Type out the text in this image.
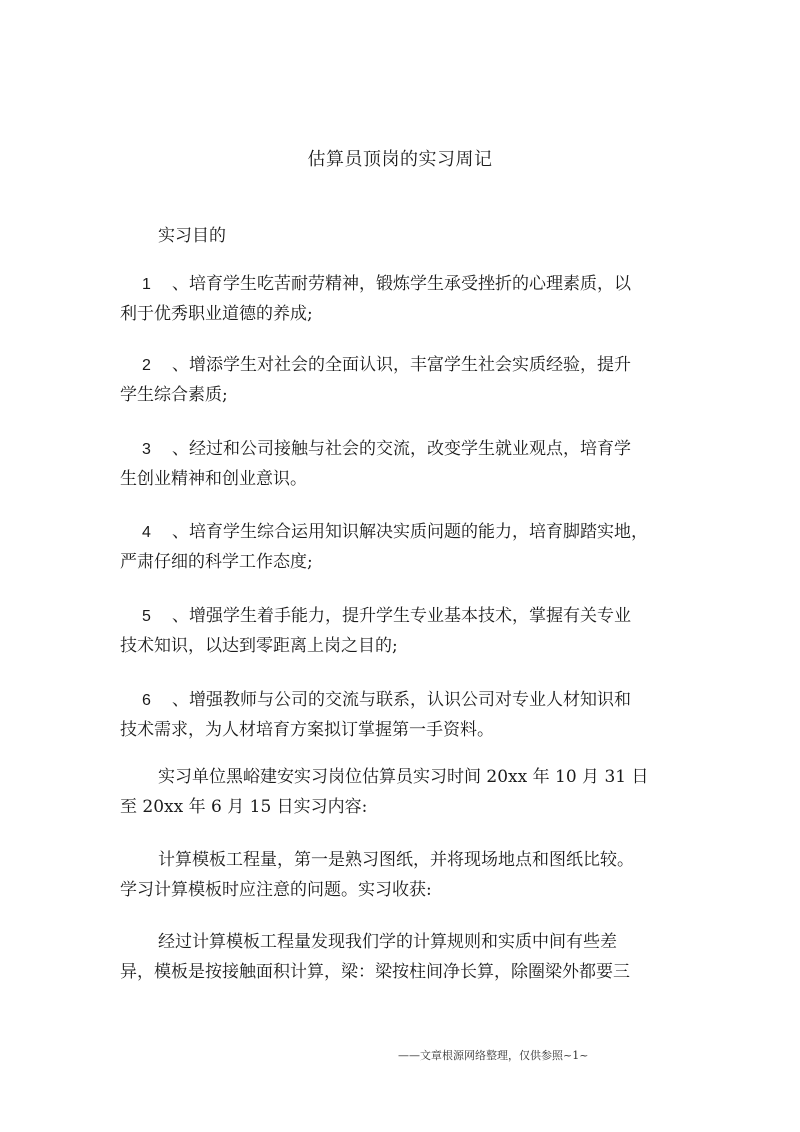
估算员顶岗的实习周记
实习目的
1 、培育学生吃苦耐劳精神，锻炼学生承受挫折的心理素质，以
利于优秀职业道德的养成;
2 、增添学生对社会的全面认识，丰富学生社会实质经验，提升
学生综合素质;
3 、经过和公司接触与社会的交流，改变学生就业观点，培育学
生创业精神和创业意识。
4 、培育学生综合运用知识解决实质问题的能力，培育脚踏实地，
严肃仔细的科学工作态度;
5 、增强学生着手能力，提升学生专业基本技术，掌握有关专业
技术知识，以达到零距离上岗之目的;
6 、增强教师与公司的交流与联系，认识公司对专业人材知识和
技术需求，为人材培育方案拟订掌握第一手资料。
实习单位黑峪建安实习岗位估算员实习时间 20xx 年 10 月 31 日
至 20xx 年 6 月 15 日实习内容:
计算模板工程量，第一是熟习图纸，并将现场地点和图纸比较。
学习计算模板时应注意的问题。实习收获:
经过计算模板工程量发现我们学的计算规则和实质中间有些差
异，模板是按接触面积计算，梁：梁按柱间净长算，除圈梁外都要三
——文章根源网络整理，仅供参照~1~
